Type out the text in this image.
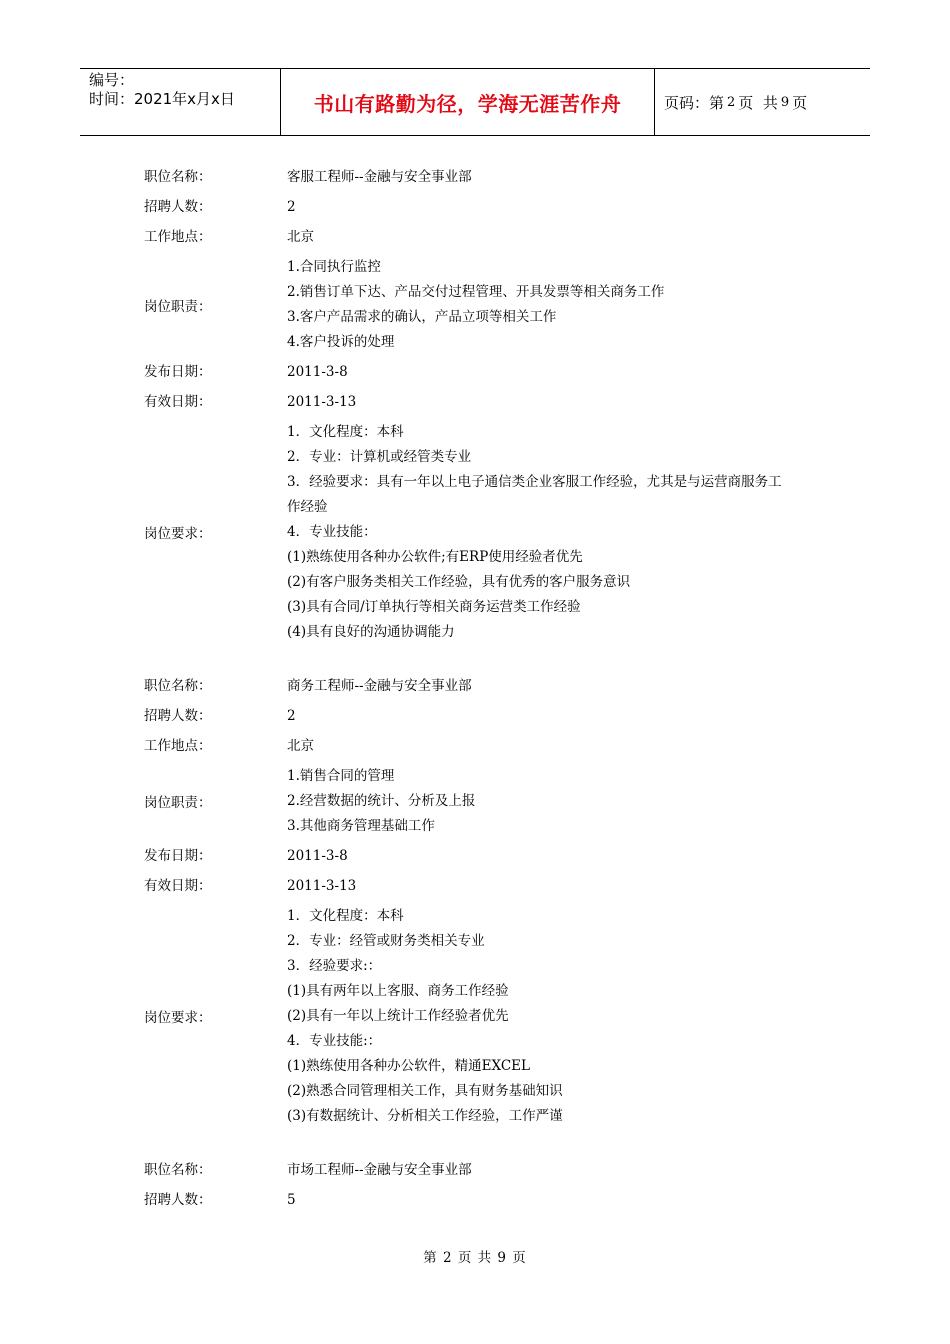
编号：
时间：2021年x月x日	书山有路勤为径，学海无涯苦作舟	页码：第 2 页  共 9 页
职位名称：	客服工程师--金融与安全事业部
招聘人数：	2
工作地点：	北京
岗位职责：
1.合同执行监控
2.销售订单下达、产品交付过程管理、开具发票等相关商务工作
3.客户产品需求的确认，产品立项等相关工作
4.客户投诉的处理
发布日期：	2011-3-8
有效日期：	2011-3-13
岗位要求：
1．文化程度：本科
2．专业：计算机或经管类专业
3．经验要求：具有一年以上电子通信类企业客服工作经验，尤其是与运营商服务工
作经验
4．专业技能：
(1)熟练使用各种办公软件;有ERP使用经验者优先
(2)有客户服务类相关工作经验，具有优秀的客户服务意识
(3)具有合同/订单执行等相关商务运营类工作经验
(4)具有良好的沟通协调能力
职位名称：	商务工程师--金融与安全事业部
招聘人数：	2
工作地点：	北京
岗位职责：
1.销售合同的管理
2.经营数据的统计、分析及上报
3.其他商务管理基础工作
发布日期：	2011-3-8
有效日期：	2011-3-13
岗位要求：
1．文化程度：本科
2．专业：经管或财务类相关专业
3．经验要求:：
(1)具有两年以上客服、商务工作经验
(2)具有一年以上统计工作经验者优先
4．专业技能:：
(1)熟练使用各种办公软件，精通EXCEL
(2)熟悉合同管理相关工作，具有财务基础知识
(3)有数据统计、分析相关工作经验，工作严谨
职位名称：	市场工程师--金融与安全事业部
招聘人数：	5
第 2 页 共 9 页
